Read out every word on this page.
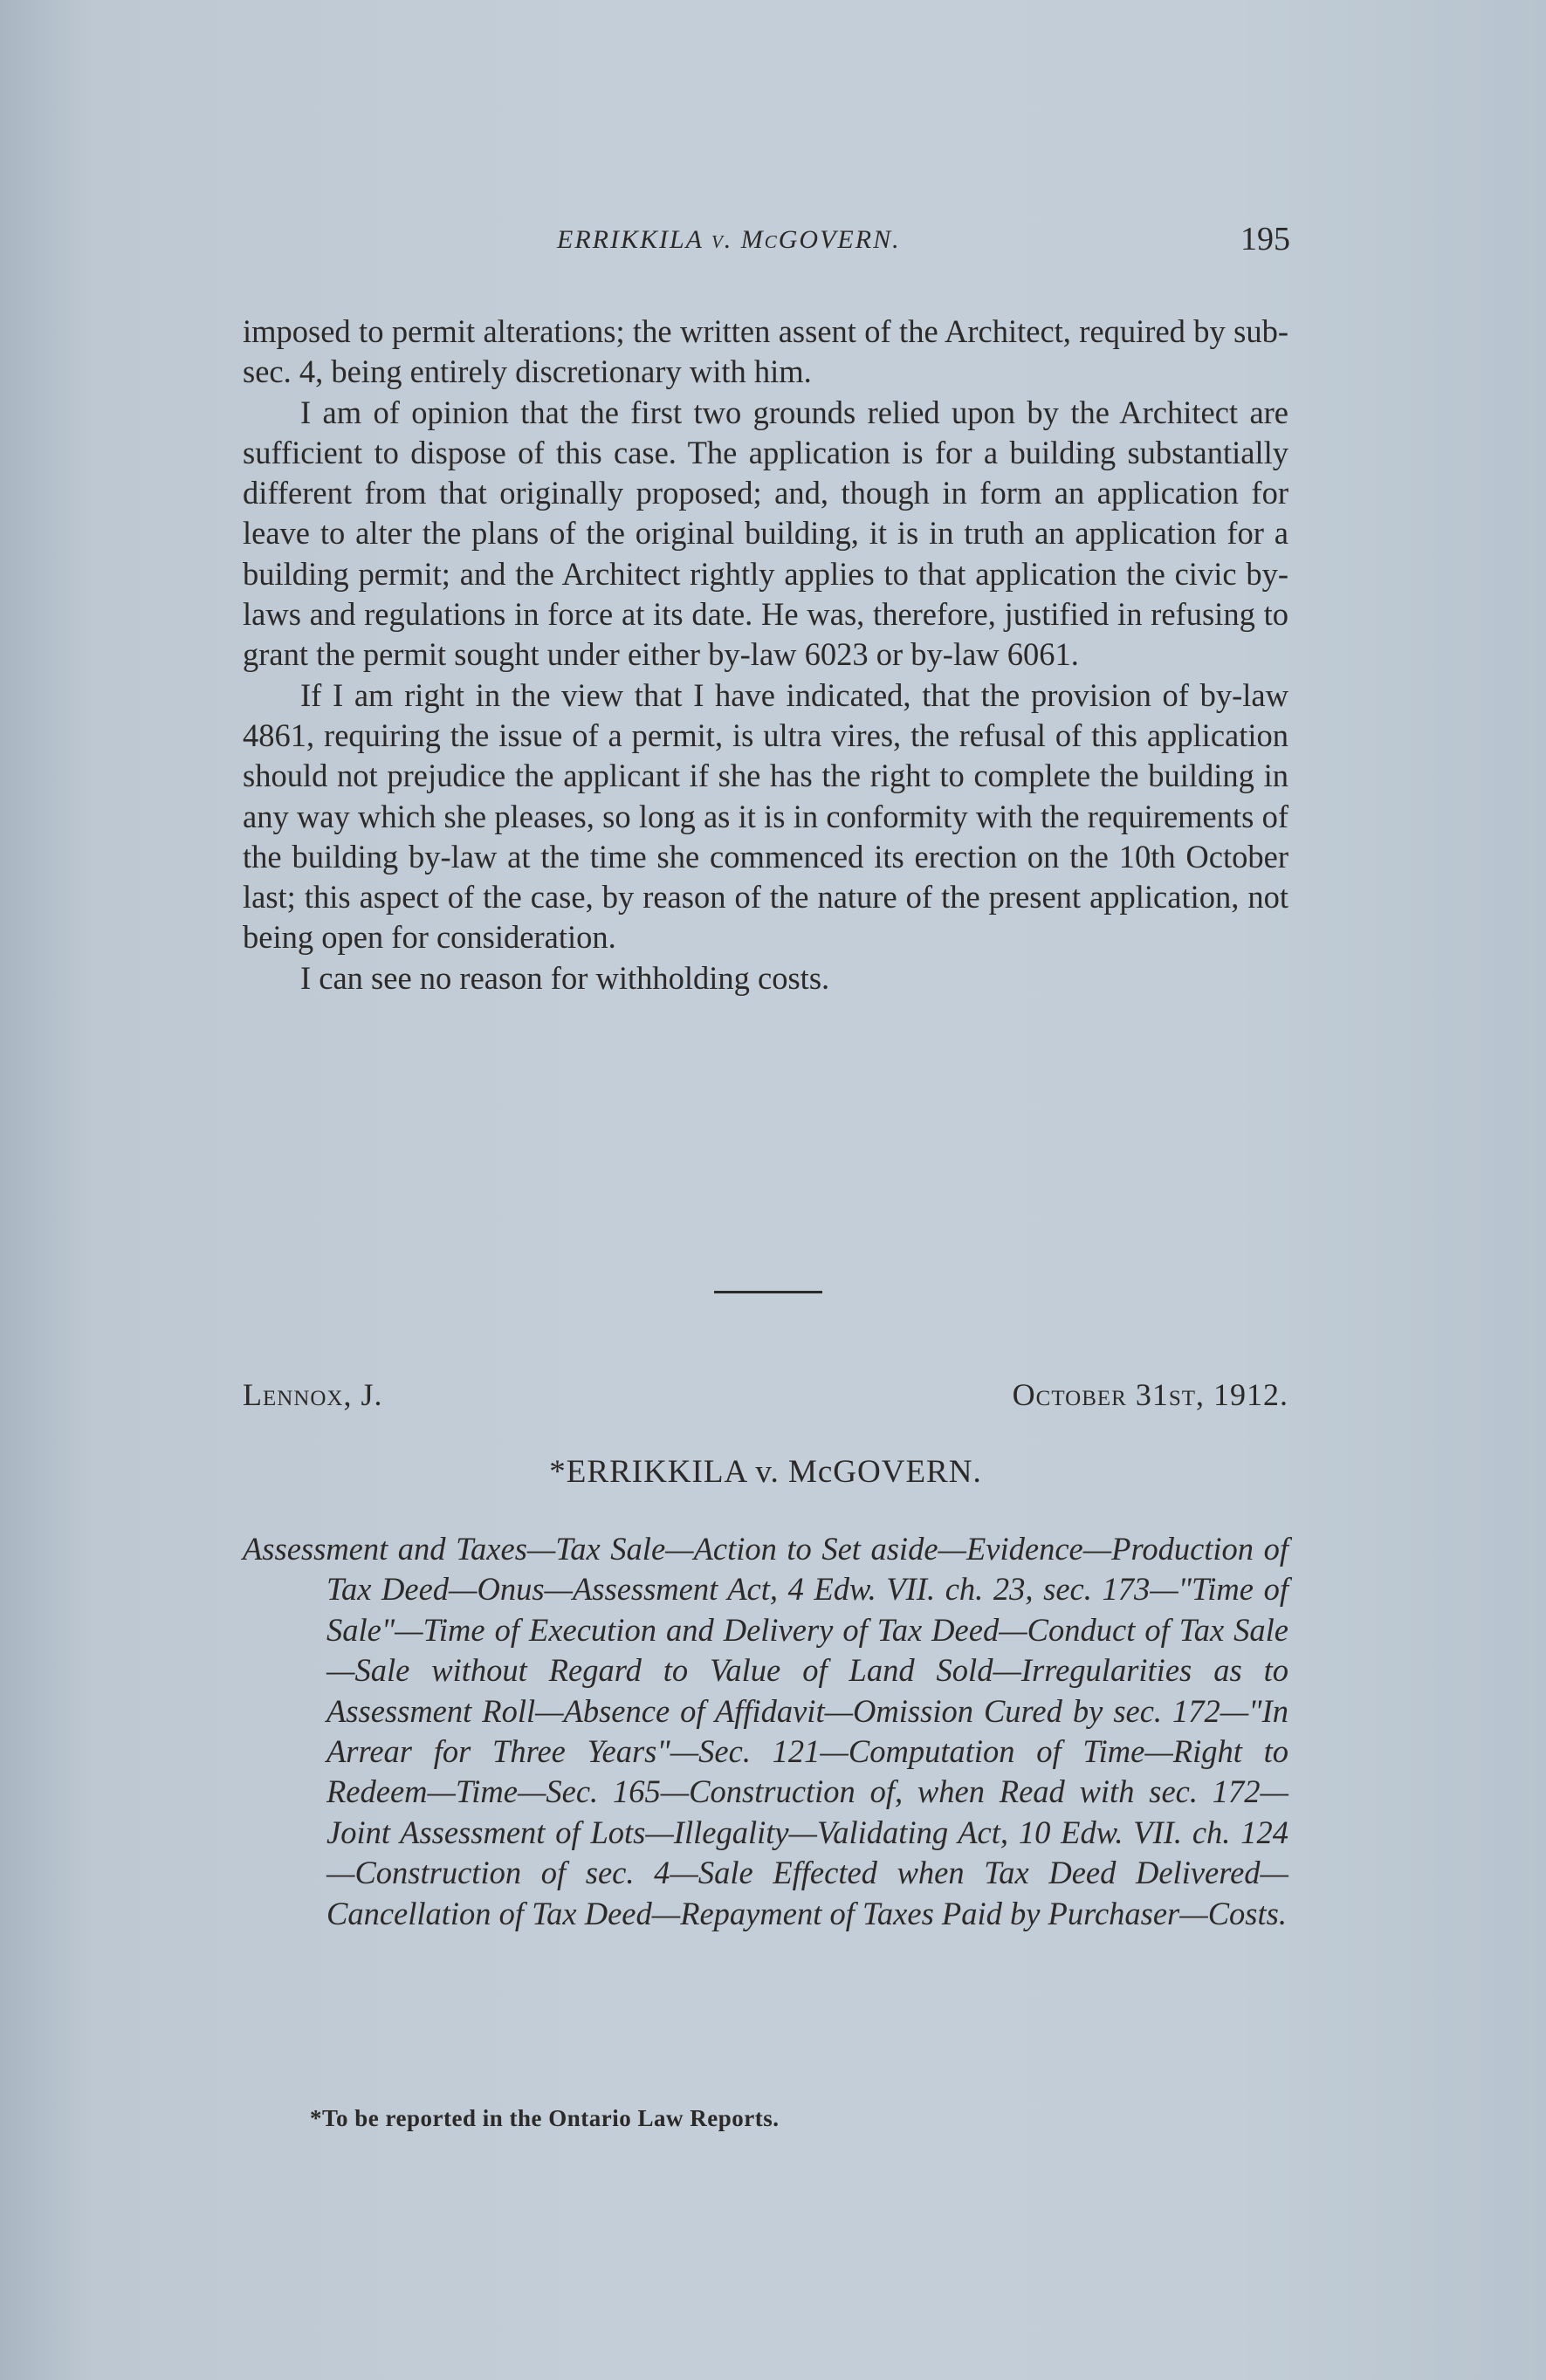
ERRIKKILA v. McGOVERN.	195

imposed to permit alterations; the written assent of the Architect, required by sub-sec. 4, being entirely discretionary with him.

I am of opinion that the first two grounds relied upon by the Architect are sufficient to dispose of this case. The application is for a building substantially different from that originally proposed; and, though in form an application for leave to alter the plans of the original building, it is in truth an application for a building permit; and the Architect rightly applies to that application the civic by-laws and regulations in force at its date. He was, therefore, justified in refusing to grant the permit sought under either by-law 6023 or by-law 6061.

If I am right in the view that I have indicated, that the provision of by-law 4861, requiring the issue of a permit, is ultra vires, the refusal of this application should not prejudice the applicant if she has the right to complete the building in any way which she pleases, so long as it is in conformity with the requirements of the building by-law at the time she commenced its erection on the 10th October last; this aspect of the case, by reason of the nature of the present application, not being open for consideration.

I can see no reason for withholding costs.

Lennox, J.	October 31st, 1912.
*ERRIKKILA v. McGOVERN.
Assessment and Taxes—Tax Sale—Action to Set aside—Evidence—Production of Tax Deed—Onus—Assessment Act, 4 Edw. VII. ch. 23, sec. 173—"Time of Sale"—Time of Execution and Delivery of Tax Deed—Conduct of Tax Sale—Sale without Regard to Value of Land Sold—Irregularities as to Assessment Roll—Absence of Affidavit—Omission Cured by sec. 172—"In Arrear for Three Years"—Sec. 121—Computation of Time—Right to Redeem—Time—Sec. 165—Construction of, when Read with sec. 172—Joint Assessment of Lots—Illegality—Validating Act, 10 Edw. VII. ch. 124—Construction of sec. 4—Sale Effected when Tax Deed Delivered—Cancellation of Tax Deed—Repayment of Taxes Paid by Purchaser—Costs.
*To be reported in the Ontario Law Reports.
